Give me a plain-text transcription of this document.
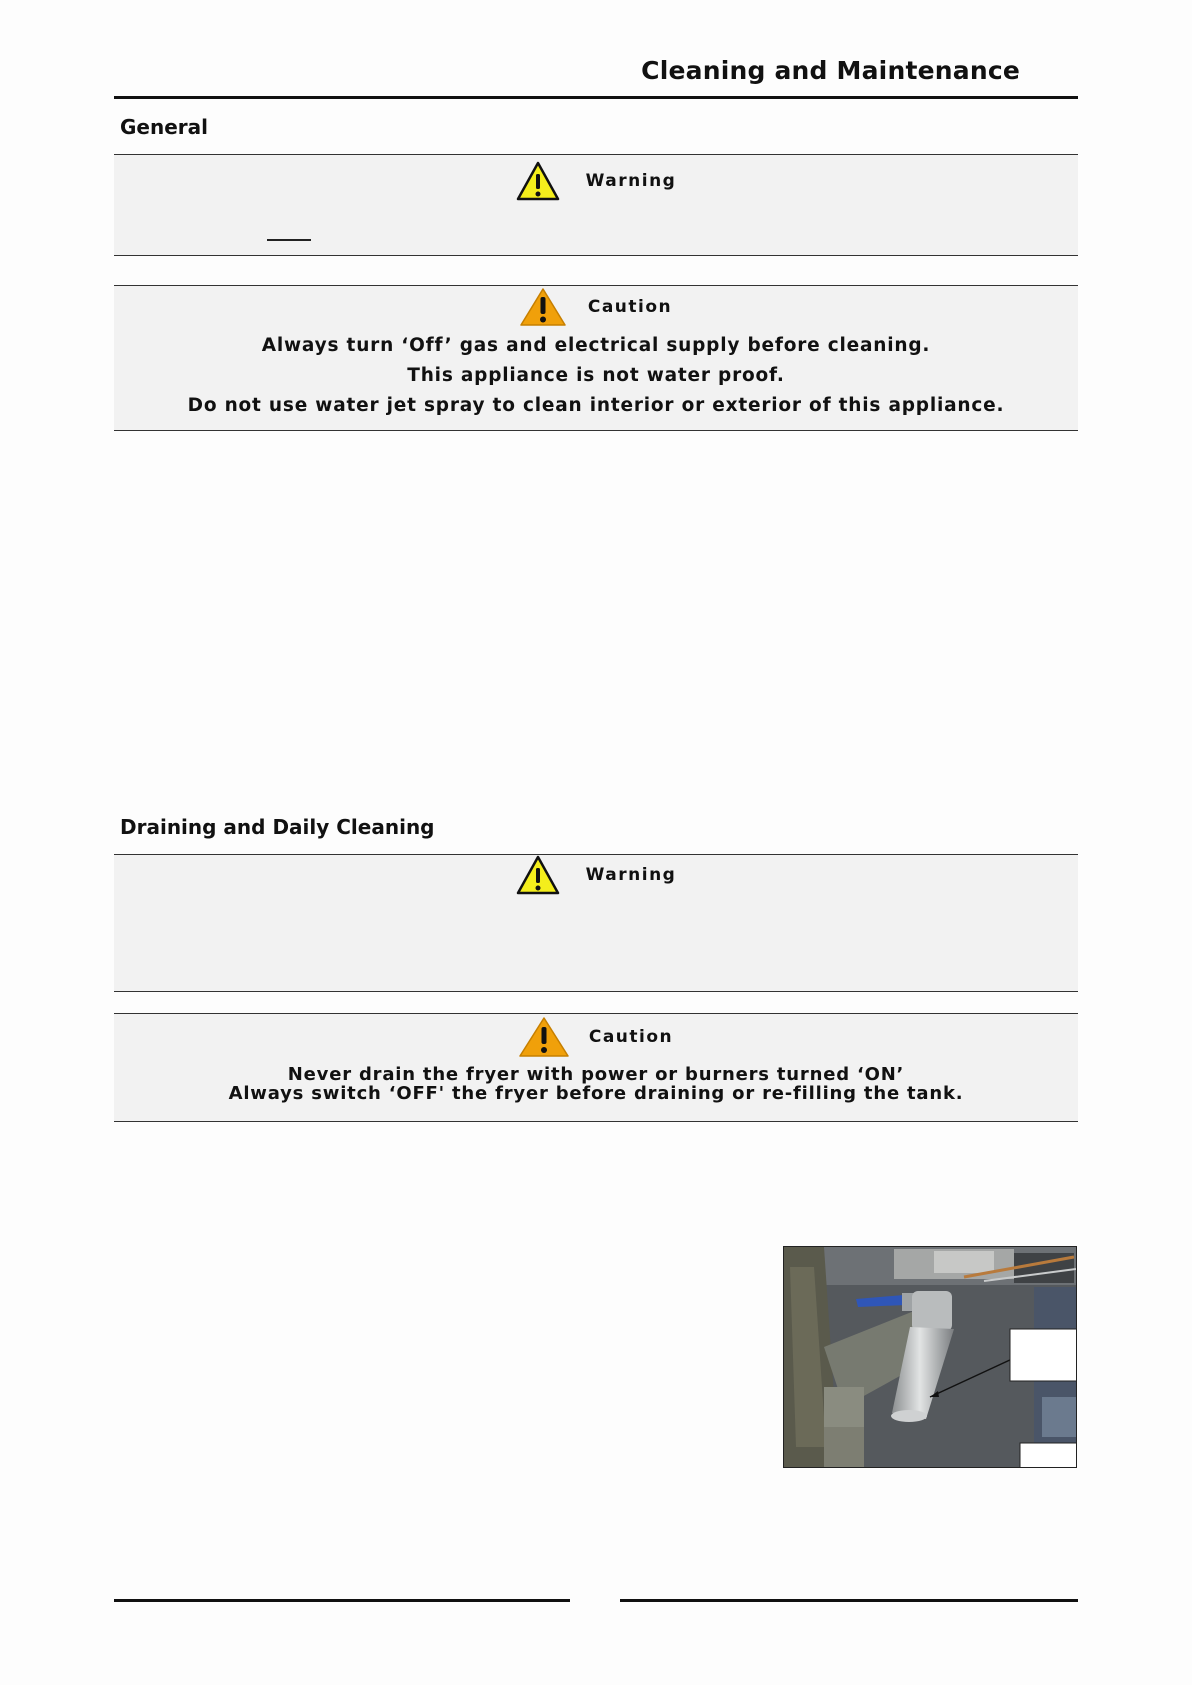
Cleaning and Maintenance
General
Warning
Caution
Always turn ‘Off’ gas and electrical supply before cleaning.
This appliance is not water proof.
Do not use water jet spray to clean interior or exterior of this appliance.
Draining and Daily Cleaning
Warning
Caution
Never drain the fryer with power or burners turned ‘ON’
Always switch ‘OFF' the fryer before draining or re-filling the tank.
